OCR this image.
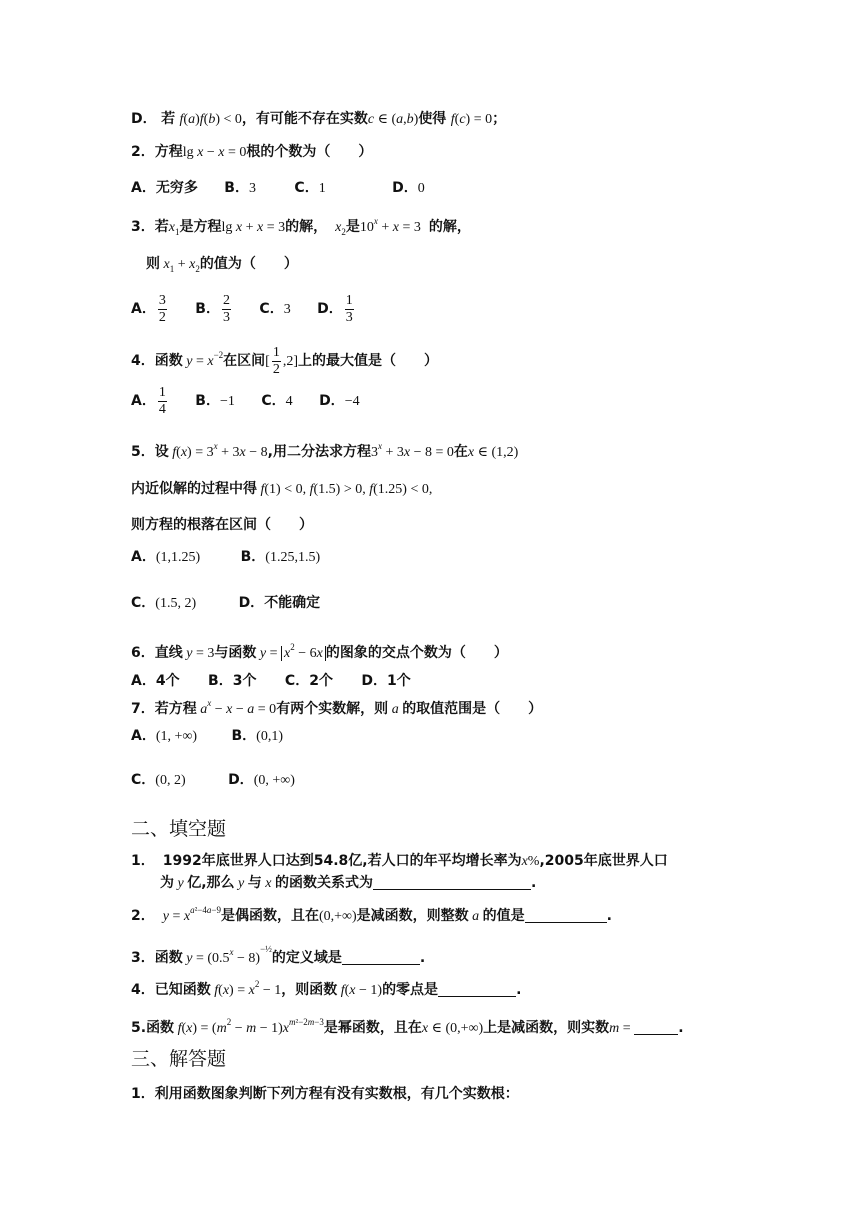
D． 若 f(a)f(b) < 0，有可能不存在实数c ∈ (a,b)使得 f(c) = 0；
2．方程lg x − x = 0根的个数为（　　）
A．无穷多 B．3	C．1	D．0
3．若$x_1$是方程lg x + x = 3的解， $x_2$是$10^x + x = 3$ 的解，
则 $x_1 + x_2$的值为（　　）
A． $\frac{3}{2}$ B． $\frac{2}{3}$ C．3 D． $\frac{1}{3}$
4．函数 $y = x^{-2}$在区间[ $\frac{1}{2} ,2$]上的最大值是（　　）
A． $\frac{1}{4}$ B．−1 C．4 D．−4
5．设 $f(x) = 3^x + 3x - 8$,用二分法求方程$3^x + 3x - 8 = 0$在x ∈ (1,2)
内近似解的过程中得 f(1) < 0, f(1.5) > 0, f(1.25) < 0,
则方程的根落在区间（　　）
A．(1,1.25)	B．(1.25,1.5)
C．(1.5, 2)	D．不能确定
6．直线 y = 3与函数 $y = x^2 - 6x$ 的图象的交点个数为（　　）
A．4个 B．3个 C．2个 D．1个
7．若方程 $a^x - x - a = 0$有两个实数解，则 a 的取值范围是（　　）
A．(1, +∞) B．(0,1)
C．(0, 2)	D．(0, +∞)
二、填空题
1． 1992年底世界人口达到54.8亿,若人口的年平均增长率为x%,2005年底世界人口
为 y 亿,那么 y 与 x 的函数关系式为	.
2． $y = x^{a^2-4a-9}$是偶函数，且在(0,+∞)是减函数，则整数 a 的值是	.
3．函数 $y = (0.5^x - 8)^{-\frac{1}{2}}$的定义域是	.
4．已知函数 $f(x) = x^2 - 1$，则函数 f(x − 1)的零点是	.
5.函数 $f(x) = (m^2 - m - 1)x^{m^2-2m-3}$是幂函数，且在x ∈ (0,+∞)上是减函数，则实数m =	.
三、解答题
1．利用函数图象判断下列方程有没有实数根，有几个实数根：
